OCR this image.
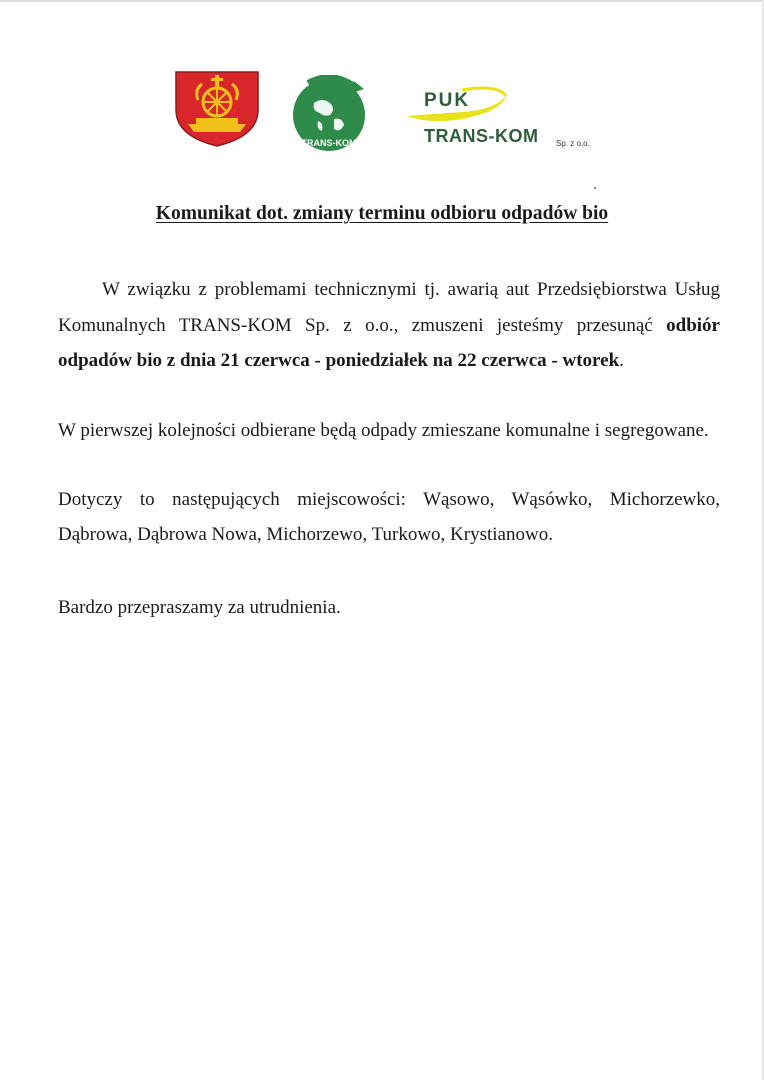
TRANS-KOM
PUK
TRANS-KOM Sp. z o.o.
Komunikat dot. zmiany terminu odbioru odpadów bio

W związku z problemami technicznymi tj. awarią aut Przedsiębiorstwa Usług Komunalnych TRANS-KOM Sp. z o.o., zmuszeni jesteśmy przesunąć odbiór odpadów bio z dnia 21 czerwca - poniedziałek na 22 czerwca - wtorek.

W pierwszej kolejności odbierane będą odpady zmieszane komunalne i segregowane.

Dotyczy to następujących miejscowości: Wąsowo, Wąsówko, Michorzewko, Dąbrowa, Dąbrowa Nowa, Michorzewo, Turkowo, Krystianowo.

Bardzo przepraszamy za utrudnienia.
